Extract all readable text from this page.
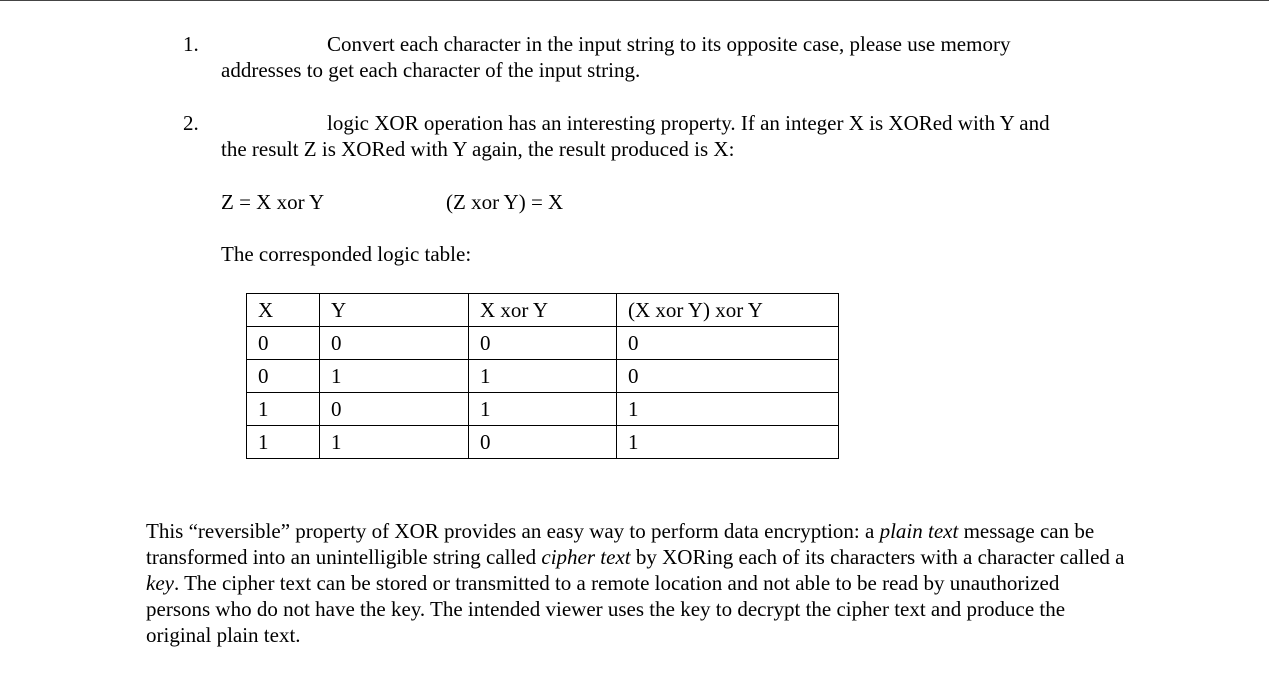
1.	Convert each character in the input string to its opposite case, please use memory
addresses to get each character of the input string.
2.	logic XOR operation has an interesting property. If an integer X is XORed with Y and
the result Z is XORed with Y again, the result produced is X:
Z = X xor Y	(Z xor Y) = X
The corresponded logic table:
X	Y	X xor Y	(X xor Y) xor Y
0	0	0	0
0	1	1	0
1	0	1	1
1	1	0	1
This “reversible” property of XOR provides an easy way to perform data encryption: a plain text message can be transformed into an unintelligible string called cipher text by XORing each of its characters with a character called a key. The cipher text can be stored or transmitted to a remote location and not able to be read by unauthorized persons who do not have the key. The intended viewer uses the key to decrypt the cipher text and produce the original plain text.
